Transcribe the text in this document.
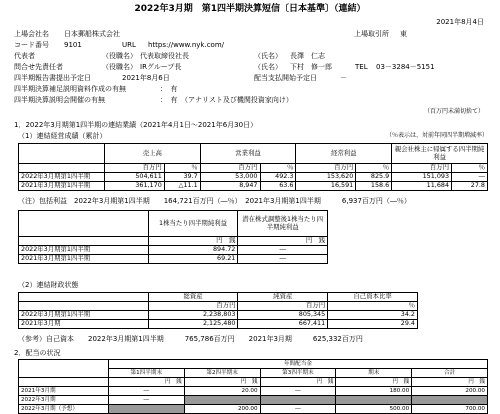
2022年3月期　第1四半期決算短信〔日本基準〕（連結）
2021年8月4日
上場会社名 日本郵船株式会社	上場取引所 東
コード番号 9101	URL https://www.nyk.com/
代表者	（役職名） 代表取締役社長	（氏名） 長澤　仁志
問合せ先責任者	（役職名） IRグループ長	（氏名） 下村　修一郎	TEL 03－3284－5151
四半期報告書提出予定日	2021年8月6日	配当支払開始予定日	－
四半期決算補足説明資料作成の有無	：　有
四半期決算説明会開催の有無	：　有　（アナリスト及び機関投資家向け）
（百万円未満切捨て）
1．2022年3月期第1四半期の連結業績（2021年4月1日～2021年6月30日）
（1）連結経営成績（累計）	（％表示は、対前年同四半期増減率）
	売上高		営業利益		経常利益		親会社株主に帰属する四半期純利益	
	百万円	％	百万円	％	百万円	％	百万円	％
2022年3月期第1四半期	504,611	39.7	53,000	492.3	153,620	825.9	151,093	―
2021年3月期第1四半期	361,170	△11.1	8,947	63.6	16,591	158.6	11,684	27.8
（注）包括利益　2022年3月期第1四半期　　164,721百万円（―％）　2021年3月期第1四半期　　　6,937百万円（―％）
	1株当たり四半期純利益	潜在株式調整後1株当たり四半期純利益
	円　銭	円　銭
2022年3月期第1四半期	894.72	―
2021年3月期第1四半期	69.21	―
（2）連結財政状態
	総資産	純資産	自己資本比率
	百万円	百万円	％
2022年3月期第1四半期	2,238,803	805,345	34.2
2021年3月期	2,125,480	667,411	29.4
（参考）自己資本　　2022年3月期第1四半期　　　765,786百万円　　2021年3月期　　　625,332百万円
2．配当の状況
	年間配当金				
	第1四半期末	第2四半期末	第3四半期末	期末	合計
	円　銭	円　銭	円　銭	円　銭	円　銭
2021年3月期	―	20.00	―	180.00	200.00
2022年3月期	―				
2022年3月期（予想）		200.00	―	500.00	700.00
